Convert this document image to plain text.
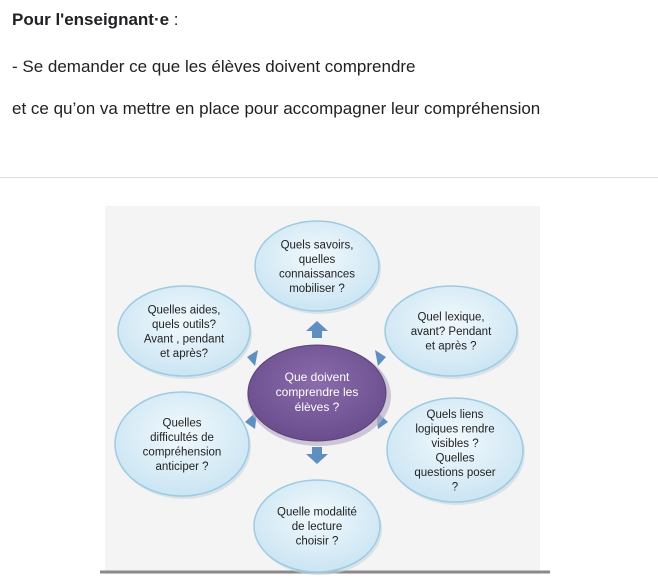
Pour l'enseignant·e :
- Se demander ce que les élèves doivent comprendre
et ce qu’on va mettre en place pour accompagner leur compréhension
Quels savoirs,
quelles
connaissances
mobiliser ?
Quel lexique,
avant? Pendant
et après ?
Quels liens
logiques rendre
visibles ?
Quelles
questions poser
?
Quelle modalité
de lecture
choisir ?
Quelles
difficultés de
compréhension
anticiper ?
Quelles aides,
quels outils?
Avant , pendant
et après?
Que doivent
comprendre les
élèves ?
